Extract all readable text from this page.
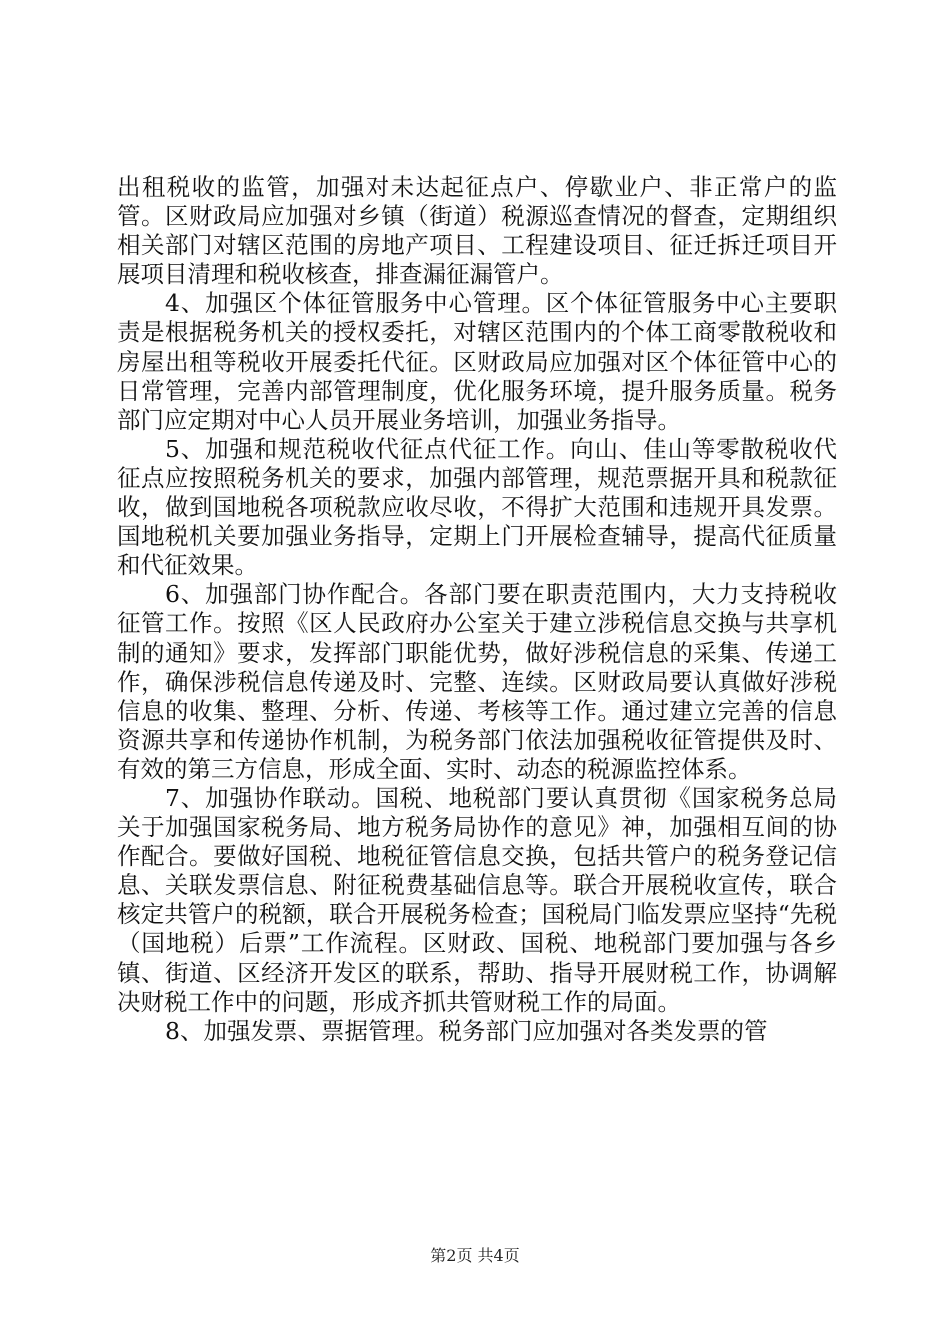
出租税收的监管，加强对未达起征点户、停歇业户、非正常户的监管。区财政局应加强对乡镇（街道）税源巡查情况的督查，定期组织相关部门对辖区范围的房地产项目、工程建设项目、征迁拆迁项目开展项目清理和税收核查，排查漏征漏管户。

4、加强区个体征管服务中心管理。区个体征管服务中心主要职责是根据税务机关的授权委托，对辖区范围内的个体工商零散税收和房屋出租等税收开展委托代征。区财政局应加强对区个体征管中心的日常管理，完善内部管理制度，优化服务环境，提升服务质量。税务部门应定期对中心人员开展业务培训，加强业务指导。

5、加强和规范税收代征点代征工作。向山、佳山等零散税收代征点应按照税务机关的要求，加强内部管理，规范票据开具和税款征收，做到国地税各项税款应收尽收，不得扩大范围和违规开具发票。国地税机关要加强业务指导，定期上门开展检查辅导，提高代征质量和代征效果。

6、加强部门协作配合。各部门要在职责范围内，大力支持税收征管工作。按照《区人民政府办公室关于建立涉税信息交换与共享机制的通知》要求，发挥部门职能优势，做好涉税信息的采集、传递工作，确保涉税信息传递及时、完整、连续。区财政局要认真做好涉税信息的收集、整理、分析、传递、考核等工作。通过建立完善的信息资源共享和传递协作机制，为税务部门依法加强税收征管提供及时、有效的第三方信息，形成全面、实时、动态的税源监控体系。

7、加强协作联动。国税、地税部门要认真贯彻《国家税务总局关于加强国家税务局、地方税务局协作的意见》神，加强相互间的协作配合。要做好国税、地税征管信息交换，包括共管户的税务登记信息、关联发票信息、附征税费基础信息等。联合开展税收宣传，联合核定共管户的税额，联合开展税务检查；国税局门临发票应坚持“先税（国地税）后票”工作流程。区财政、国税、地税部门要加强与各乡镇、街道、区经济开发区的联系，帮助、指导开展财税工作，协调解决财税工作中的问题，形成齐抓共管财税工作的局面。

8、加强发票、票据管理。税务部门应加强对各类发票的管

第2页 共4页
